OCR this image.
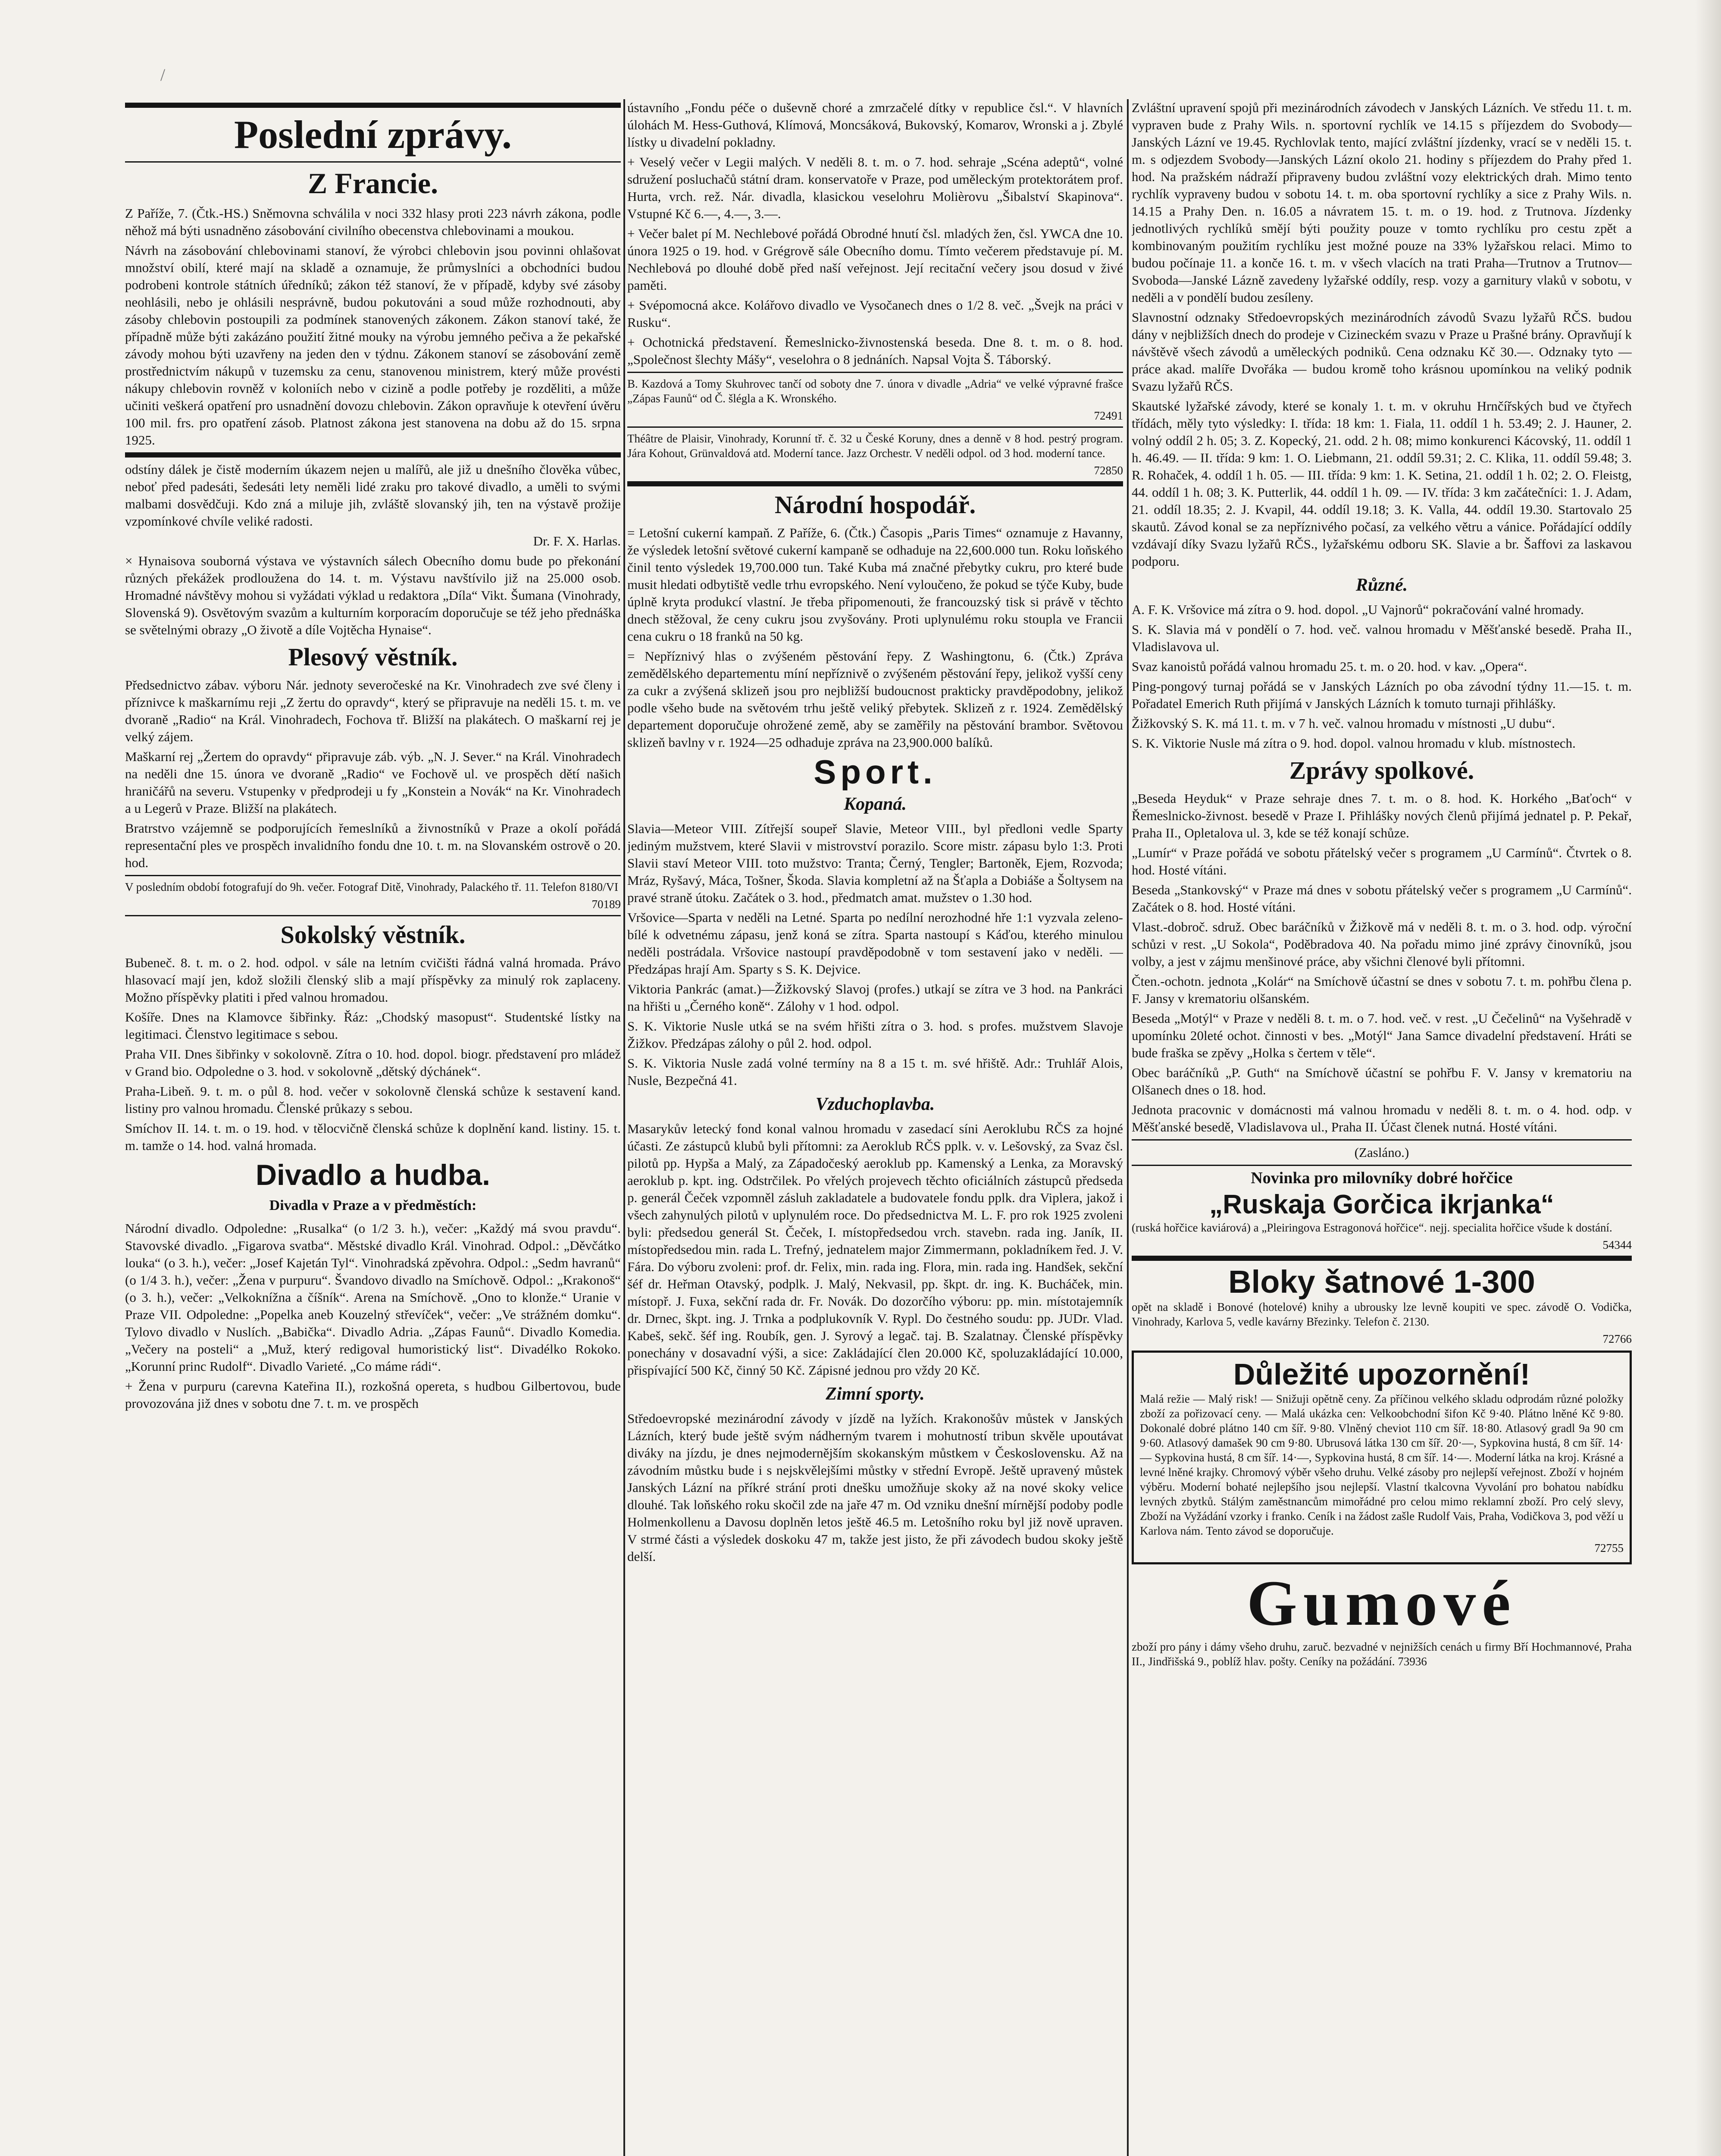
/
Poslední zprávy.
Z Francie.

Z Paříže, 7. (Čtk.-HS.) Sněmovna schválila v noci 332 hlasy proti 223 návrh zákona, podle něhož má býti usnadněno zásobování civilního obecenstva chlebovinami a moukou.

Návrh na zásobování chlebovinami stanoví, že výrobci chlebovin jsou povinni ohlašovat množství obilí, které mají na skladě a oznamuje, že průmyslníci a obchodníci budou podrobeni kontrole státních úředníků; zákon též stanoví, že v případě, kdyby své zásoby neohlásili, nebo je ohlásili nesprávně, budou pokutováni a soud může rozhodnouti, aby zásoby chlebovin postoupili za podmínek stanovených zákonem. Zákon stanoví také, že případně může býti zakázáno použití žitné mouky na výrobu jemného pečiva a že pekařské závody mohou býti uzavřeny na jeden den v týdnu. Zákonem stanoví se zásobování země prostřednictvím nákupů v tuzemsku za cenu, stanovenou ministrem, který může provésti nákupy chlebovin rovněž v koloniích nebo v cizině a podle potřeby je rozděliti, a může učiniti veškerá opatření pro usnadnění dovozu chlebovin. Zákon opravňuje k otevření úvěru 100 mil. frs. pro opatření zásob. Platnost zákona jest stanovena na dobu až do 15. srpna 1925.

odstíny dálek je čistě moderním úkazem nejen u malířů, ale již u dnešního člověka vůbec, neboť před padesáti, šedesáti lety neměli lidé zraku pro takové divadlo, a uměli to svými malbami dosvědčuji. Kdo zná a miluje jih, zvláště slovanský jih, ten na výstavě prožije vzpomínkové chvíle veliké radosti.

Dr. F. X. Harlas.

× Hynaisova souborná výstava ve výstavních sálech Obecního domu bude po překonání různých překážek prodloužena do 14. t. m. Výstavu navštívilo již na 25.000 osob. Hromadné návštěvy mohou si vyžádati výklad u redaktora „Díla“ Vikt. Šumana (Vinohrady, Slovenská 9). Osvětovým svazům a kulturním korporacím doporučuje se též jeho přednáška se světelnými obrazy „O životě a díle Vojtěcha Hynaise“.

Plesový věstník.

Předsednictvo zábav. výboru Nár. jednoty severočeské na Kr. Vinohradech zve své členy i příznivce k maškarnímu reji „Z žertu do opravdy“, který se připravuje na neděli 15. t. m. ve dvoraně „Radio“ na Král. Vinohradech, Fochova tř. Bližší na plakátech. O maškarní rej je velký zájem.

Maškarní rej „Žertem do opravdy“ připravuje záb. výb. „N. J. Sever.“ na Král. Vinohradech na neděli dne 15. února ve dvoraně „Radio“ ve Fochově ul. ve prospěch dětí našich hraničářů na severu. Vstupenky v předprodeji u fy „Konstein a Novák“ na Kr. Vinohradech a u Legerů v Praze. Bližší na plakátech.

Bratrstvo vzájemně se podporujících řemeslníků a živnostníků v Praze a okolí pořádá representační ples ve prospěch invalidního fondu dne 10. t. m. na Slovanském ostrově o 20. hod.

V posledním období fotografují do 9h. večer. Fotograf Ditě, Vinohrady, Palackého tř. 11. Telefon 8180/VI

70189

Sokolský věstník.

Bubeneč. 8. t. m. o 2. hod. odpol. v sále na letním cvičišti řádná valná hromada. Právo hlasovací mají jen, kdož složili členský slib a mají příspěvky za minulý rok zaplaceny. Možno příspěvky platiti i před valnou hromadou.

Košíře. Dnes na Klamovce šibřinky. Řáz: „Chodský masopust“. Studentské lístky na legitimaci. Členstvo legitimace s sebou.

Praha VII. Dnes šibřinky v sokolovně. Zítra o 10. hod. dopol. biogr. představení pro mládež v Grand bio. Odpoledne o 3. hod. v sokolovně „dětský dýchánek“.

Praha-Libeň. 9. t. m. o půl 8. hod. večer v sokolovně členská schůze k sestavení kand. listiny pro valnou hromadu. Členské průkazy s sebou.

Smíchov II. 14. t. m. o 19. hod. v tělocvičně členská schůze k doplnění kand. listiny. 15. t. m. tamže o 14. hod. valná hromada.

Divadlo a hudba.
Divadla v Praze a v předměstích:

Národní divadlo. Odpoledne: „Rusalka“ (o 1/2 3. h.), večer: „Každý má svou pravdu“. Stavovské divadlo. „Figarova svatba“. Městské divadlo Král. Vinohrad. Odpol.: „Děvčátko louka“ (o 3. h.), večer: „Josef Kajetán Tyl“. Vinohradská zpěvohra. Odpol.: „Sedm havranů“ (o 1/4 3. h.), večer: „Žena v purpuru“. Švandovo divadlo na Smíchově. Odpol.: „Krakonoš“ (o 3. h.), večer: „Velkoknížna a číšník“. Arena na Smíchově. „Ono to klonže.“ Uranie v Praze VII. Odpoledne: „Popelka aneb Kouzelný střevíček“, večer: „Ve strážném domku“. Tylovo divadlo v Nuslích. „Babička“. Divadlo Adria. „Zápas Faunů“. Divadlo Komedia. „Večery na posteli“ a „Muž, který redigoval humoristický list“. Divadélko Rokoko. „Korunní princ Rudolf“. Divadlo Varieté. „Co máme rádi“.

+ Žena v purpuru (carevna Kateřina II.), rozkošná opereta, s hudbou Gilbertovou, bude provozována již dnes v sobotu dne 7. t. m. ve prospěch

ústavního „Fondu péče o duševně choré a zmrzačelé dítky v republice čsl.“. V hlavních úlohách M. Hess-Guthová, Klímová, Moncsáková, Bukovský, Komarov, Wronski a j. Zbylé lístky u divadelní pokladny.

+ Veselý večer v Legii malých. V neděli 8. t. m. o 7. hod. sehraje „Scéna adeptů“, volné sdružení posluchačů státní dram. konservatoře v Praze, pod uměleckým protektorátem prof. Hurta, vrch. rež. Nár. divadla, klasickou veselohru Molièrovu „Šibalství Skapinova“. Vstupné Kč 6.—, 4.—, 3.—.

+ Večer balet pí M. Nechlebové pořádá Obrodné hnutí čsl. mladých žen, čsl. YWCA dne 10. února 1925 o 19. hod. v Grégrově sále Obecního domu. Tímto večerem představuje pí. M. Nechlebová po dlouhé době před naší veřejnost. Její recitační večery jsou dosud v živé paměti.

+ Svépomocná akce. Kolářovo divadlo ve Vysočanech dnes o 1/2 8. več. „Švejk na práci v Rusku“.

+ Ochotnická představení. Řemeslnicko-živnostenská beseda. Dne 8. t. m. o 8. hod. „Společnost šlechty Mášy“, veselohra o 8 jednáních. Napsal Vojta Š. Táborský.

B. Kazdová a Tomy Skuhrovec tančí od soboty dne 7. února v divadle „Adria“ ve velké výpravné frašce „Zápas Faunů“ od Č. šlégla a K. Wronského.

72491

Théâtre de Plaisir, Vinohrady, Korunní tř. č. 32 u České Koruny, dnes a denně v 8 hod. pestrý program. Jára Kohout, Grünvaldová atd. Moderní tance. Jazz Orchestr. V neděli odpol. od 3 hod. moderní tance.

72850

Národní hospodář.

= Letošní cukerní kampaň. Z Paříže, 6. (Čtk.) Časopis „Paris Times“ oznamuje z Havanny, že výsledek letošní světové cukerní kampaně se odhaduje na 22,600.000 tun. Roku loňského činil tento výsledek 19,700.000 tun. Také Kuba má značné přebytky cukru, pro které bude musit hledati odbytiště vedle trhu evropského. Není vyloučeno, že pokud se týče Kuby, bude úplně kryta produkcí vlastní. Je třeba připomenouti, že francouzský tisk si právě v těchto dnech stěžoval, že ceny cukru jsou zvyšovány. Proti uplynulému roku stoupla ve Francii cena cukru o 18 franků na 50 kg.

= Nepříznivý hlas o zvýšeném pěstování řepy. Z Washingtonu, 6. (Čtk.) Zpráva zemědělského departementu míní nepříznivě o zvýšeném pěstování řepy, jelikož vyšší ceny za cukr a zvýšená sklizeň jsou pro nejbližší budoucnost prakticky pravděpodobny, jelikož podle všeho bude na světovém trhu ještě veliký přebytek. Sklizeň z r. 1924. Zemědělský departement doporučuje ohrožené země, aby se zaměřily na pěstování brambor. Světovou sklizeň bavlny v r. 1924—25 odhaduje zpráva na 23,900.000 balíků.

Sport.
Kopaná.

Slavia—Meteor VIII. Zítřejší soupeř Slavie, Meteor VIII., byl předloni vedle Sparty jediným mužstvem, které Slavii v mistrovství porazilo. Score mistr. zápasu bylo 1:3. Proti Slavii staví Meteor VIII. toto mužstvo: Tranta; Černý, Tengler; Bartoněk, Ejem, Rozvoda; Mráz, Ryšavý, Máca, Tošner, Škoda. Slavia kompletní až na Šťapla a Dobiáše a Šoltysem na pravé straně útoku. Začátek o 3. hod., předmatch amat. mužstev o 1.30 hod.

Vršovice—Sparta v neděli na Letné. Sparta po nedílní nerozhodné hře 1:1 vyzvala zeleno-bílé k odvetnému zápasu, jenž koná se zítra. Sparta nastoupí s Káďou, kterého minulou neděli postrádala. Vršovice nastoupí pravděpodobně v tom sestavení jako v neděli. — Předzápas hrají Am. Sparty s S. K. Dejvice.

Viktoria Pankrác (amat.)—Žižkovský Slavoj (profes.) utkají se zítra ve 3 hod. na Pankráci na hřišti u „Černého koně“. Zálohy v 1 hod. odpol.

S. K. Viktorie Nusle utká se na svém hřišti zítra o 3. hod. s profes. mužstvem Slavoje Žižkov. Předzápas zálohy o půl 2. hod. odpol.

S. K. Viktoria Nusle zadá volné termíny na 8 a 15 t. m. své hřiště. Adr.: Truhlář Alois, Nusle, Bezpečná 41.

Vzduchoplavba.

Masarykův letecký fond konal valnou hromadu v zasedací síni Aeroklubu RČS za hojné účasti. Ze zástupců klubů byli přítomni: za Aeroklub RČS pplk. v. v. Lešovský, za Svaz čsl. pilotů pp. Hypša a Malý, za Západočeský aeroklub pp. Kamenský a Lenka, za Moravský aeroklub p. kpt. ing. Odstrčilek. Po vřelých projevech těchto oficiálních zástupců předseda p. generál Čeček vzpomněl zásluh zakladatele a budovatele fondu pplk. dra Viplera, jakož i všech zahynulých pilotů v uplynulém roce. Do předsednictva M. L. F. pro rok 1925 zvoleni byli: předsedou generál St. Čeček, I. místopředsedou vrch. stavebn. rada ing. Janík, II. místopředsedou min. rada L. Trefný, jednatelem major Zimmermann, pokladníkem řed. J. V. Fára. Do výboru zvoleni: prof. dr. Felix, min. rada ing. Flora, min. rada ing. Handšek, sekční šéf dr. Heřman Otavský, podplk. J. Malý, Nekvasil, pp. škpt. dr. ing. K. Bucháček, min. místopř. J. Fuxa, sekční rada dr. Fr. Novák. Do dozorčího výboru: pp. min. místotajemník dr. Drnec, škpt. ing. J. Trnka a podplukovník V. Rypl. Do čestného soudu: pp. JUDr. Vlad. Kabeš, sekč. šéf ing. Roubík, gen. J. Syrový a legač. taj. B. Szalatnay. Členské příspěvky ponechány v dosavadní výši, a sice: Zakládající člen 20.000 Kč, spoluzakládající 10.000, přispívající 500 Kč, činný 50 Kč. Zápisné jednou pro vždy 20 Kč.

Zimní sporty.

Středoevropské mezinárodní závody v jízdě na lyžích. Krakonošův můstek v Janských Lázních, který bude ještě svým nádherným tvarem i mohutností tribun skvěle upoutávat diváky na jízdu, je dnes nejmodernějším skokanským můstkem v Československu. Až na závodním můstku bude i s nejskvělejšími můstky v střední Evropě. Ještě upravený můstek Janských Lázní na příkré strání proti dnešku umožňuje skoky až na nové skoky velice dlouhé. Tak loňského roku skočil zde na jaře 47 m. Od vzniku dnešní mírnější podoby podle Holmenkollenu a Davosu doplněn letos ještě 46.5 m. Letošního roku byl již nově upraven. V strmé části a výsledek doskoku 47 m, takže jest jisto, že při závodech budou skoky ještě delší.

Zvláštní upravení spojů při mezinárodních závodech v Janských Lázních. Ve středu 11. t. m. vypraven bude z Prahy Wils. n. sportovní rychlík ve 14.15 s příjezdem do Svobody—Janských Lázní ve 19.45. Rychlovlak tento, mající zvláštní jízdenky, vrací se v neděli 15. t. m. s odjezdem Svobody—Janských Lázní okolo 21. hodiny s příjezdem do Prahy před 1. hod. Na pražském nádraží připraveny budou zvláštní vozy elektrických drah. Mimo tento rychlík vypraveny budou v sobotu 14. t. m. oba sportovní rychlíky a sice z Prahy Wils. n. 14.15 a Prahy Den. n. 16.05 a návratem 15. t. m. o 19. hod. z Trutnova. Jízdenky jednotlivých rychlíků smějí býti použity pouze v tomto rychlíku pro cestu zpět a kombinovaným použitím rychlíku jest možné pouze na 33% lyžařskou relaci. Mimo to budou počínaje 11. a konče 16. t. m. v všech vlacích na trati Praha—Trutnov a Trutnov—Svoboda—Janské Lázně zavedeny lyžařské oddíly, resp. vozy a garnitury vlaků v sobotu, v neděli a v pondělí budou zesíleny.

Slavnostní odznaky Středoevropských mezinárodních závodů Svazu lyžařů RČS. budou dány v nejbližších dnech do prodeje v Cizineckém svazu v Praze u Prašné brány. Opravňují k návštěvě všech závodů a uměleckých podniků. Cena odznaku Kč 30.—. Odznaky tyto — práce akad. malíře Dvořáka — budou kromě toho krásnou upomínkou na veliký podnik Svazu lyžařů RČS.

Skautské lyžařské závody, které se konaly 1. t. m. v okruhu Hrnčířských bud ve čtyřech třídách, měly tyto výsledky: I. třída: 18 km: 1. Fiala, 11. oddíl 1 h. 53.49; 2. J. Hauner, 2. volný oddíl 2 h. 05; 3. Z. Kopecký, 21. odd. 2 h. 08; mimo konkurenci Kácovský, 11. oddíl 1 h. 46.49. — II. třída: 9 km: 1. O. Liebmann, 21. oddíl 59.31; 2. C. Klika, 11. oddíl 59.48; 3. R. Rohaček, 4. oddíl 1 h. 05. — III. třída: 9 km: 1. K. Setina, 21. oddíl 1 h. 02; 2. O. Fleistg, 44. oddíl 1 h. 08; 3. K. Putterlik, 44. oddíl 1 h. 09. — IV. třída: 3 km začátečníci: 1. J. Adam, 21. oddíl 18.35; 2. J. Kvapil, 44. oddíl 19.18; 3. K. Valla, 44. oddíl 19.30. Startovalo 25 skautů. Závod konal se za nepříznivého počasí, za velkého větru a vánice. Pořádající oddíly vzdávají díky Svazu lyžařů RČS., lyžařskému odboru SK. Slavie a br. Šaffovi za laskavou podporu.

Různé.

A. F. K. Vršovice má zítra o 9. hod. dopol. „U Vajnorů“ pokračování valné hromady.

S. K. Slavia má v pondělí o 7. hod. več. valnou hromadu v Měšťanské besedě. Praha II., Vladislavova ul.

Svaz kanoistů pořádá valnou hromadu 25. t. m. o 20. hod. v kav. „Opera“.

Ping-pongový turnaj pořádá se v Janských Lázních po oba závodní týdny 11.—15. t. m. Pořadatel Emerich Ruth přijímá v Janských Lázních k tomuto turnaji přihlášky.

Žižkovský S. K. má 11. t. m. v 7 h. več. valnou hromadu v místnosti „U dubu“.

S. K. Viktorie Nusle má zítra o 9. hod. dopol. valnou hromadu v klub. místnostech.

Zprávy spolkové.

„Beseda Heyduk“ v Praze sehraje dnes 7. t. m. o 8. hod. K. Horkého „Baťoch“ v Řemeslnicko-živnost. besedě v Praze I. Přihlášky nových členů přijímá jednatel p. P. Pekař, Praha II., Opletalova ul. 3, kde se též konají schůze.

„Lumír“ v Praze pořádá ve sobotu přátelský večer s programem „U Carmínů“. Čtvrtek o 8. hod. Hosté vítáni.

Beseda „Stankovský“ v Praze má dnes v sobotu přátelský večer s programem „U Carmínů“. Začátek o 8. hod. Hosté vítáni.

Vlast.-dobroč. sdruž. Obec baráčníků v Žižkově má v neděli 8. t. m. o 3. hod. odp. výroční schůzi v rest. „U Sokola“, Poděbradova 40. Na pořadu mimo jiné zprávy činovníků, jsou volby, a jest v zájmu menšinové práce, aby všichni členové byli přítomni.

Čten.-ochotn. jednota „Kolár“ na Smíchově účastní se dnes v sobotu 7. t. m. pohřbu člena p. F. Jansy v krematoriu olšanském.

Beseda „Motýl“ v Praze v neděli 8. t. m. o 7. hod. več. v rest. „U Čečelinů“ na Vyšehradě v upomínku 20leté ochot. činnosti v bes. „Motýl“ Jana Samce divadelní představení. Hráti se bude fraška se zpěvy „Holka s čertem v těle“.

Obec baráčníků „P. Guth“ na Smíchově účastní se pohřbu F. V. Jansy v krematoriu na Olšanech dnes o 18. hod.

Jednota pracovnic v domácnosti má valnou hromadu v neděli 8. t. m. o 4. hod. odp. v Měšťanské besedě, Vladislavova ul., Praha II. Účast členek nutná. Hosté vítáni.

(Zasláno.)

Novinka pro milovníky dobré hořčice

„Ruskaja Gorčica ikrjanka“

(ruská hořčice kaviárová) a „Pleiringova Estragonová hořčice“. nejj. specialita hořčice všude k dostání.

54344

Bloky šatnové 1-300

opět na skladě i Bonové (hotelové) knihy a ubrousky lze levně koupiti ve spec. závodě O. Vodička, Vinohrady, Karlova 5, vedle kavárny Březinky. Telefon č. 2130.

72766

Důležité upozornění!

Malá režie — Malý risk! — Snižuji opětně ceny. Za příčinou velkého skladu odprodám různé položky zboží za pořizovací ceny. — Malá ukázka cen: Velkoobchodní šifon Kč 9·40. Plátno lněné Kč 9·80. Dokonalé dobré plátno 140 cm šíř. 9·80. Vlněný cheviot 110 cm šíř. 18·80. Atlasový gradl 9a 90 cm 9·60. Atlasový damašek 90 cm 9·80. Ubrusová látka 130 cm šíř. 20·—, Sypkovina hustá, 8 cm šíř. 14·— Sypkovina hustá, 8 cm šíř. 14·—, Sypkovina hustá, 8 cm šíř. 14·—. Moderní látka na kroj. Krásné a levné lněné krajky. Chromový výběr všeho druhu. Velké zásoby pro nejlepší veřejnost. Zboží v hojném výběru. Moderní bohaté nejlepšího jsou nejlepší. Vlastní tkalcovna Vyvolání pro bohatou nabídku levných zbytků. Stálým zaměstnancům mimořádné pro celou mimo reklamní zboží. Pro celý slevy, Zboží na Vyžádání vzorky i franko. Ceník i na žádost zašle Rudolf Vais, Praha, Vodičkova 3, pod věží u Karlova nám. Tento závod se doporučuje.

72755

Gumové

zboží pro pány i dámy všeho druhu, zaruč. bezvadné v nejnižších cenách u firmy Bří Hochmannové, Praha II., Jindřišská 9., poblíž hlav. pošty. Ceníky na požádání. 73936
